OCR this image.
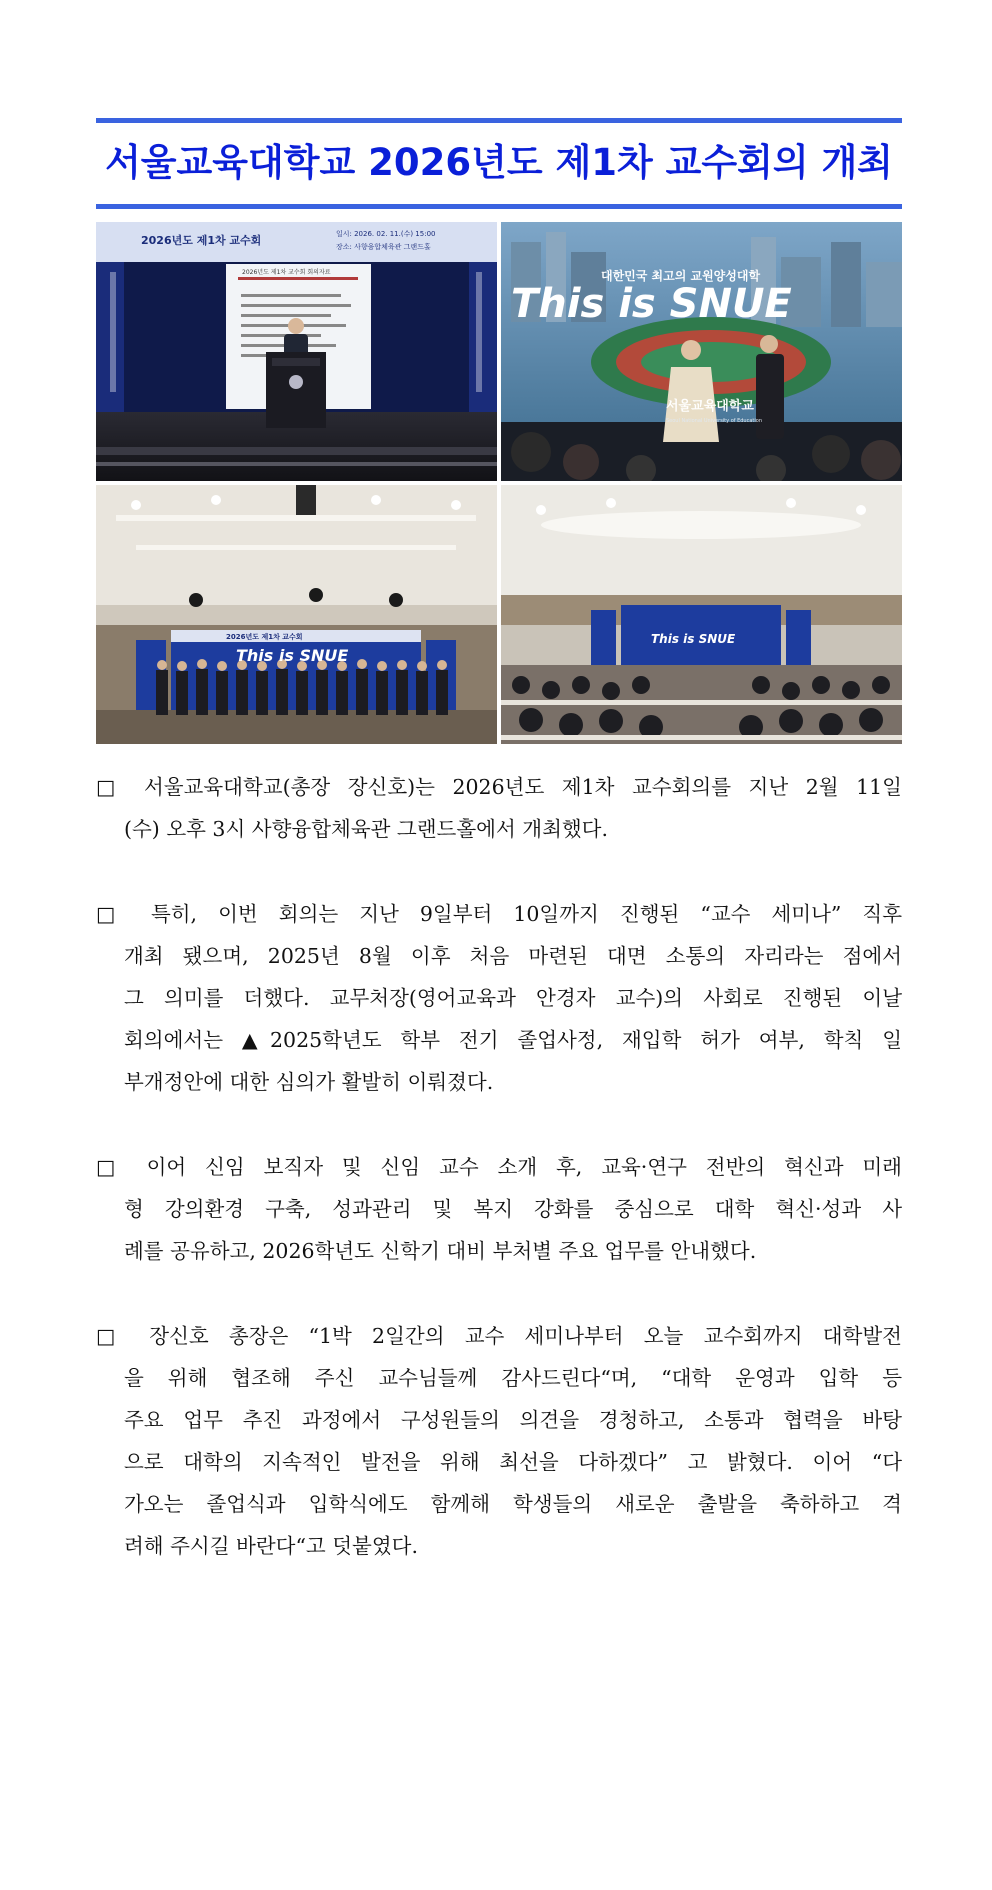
서울교육대학교 2026년도 제1차 교수회의 개최
2026년도 제1차 교수회	일시: 2026. 02. 11.(수) 15:00
장소: 사향융합체육관 그랜드홀
2026년도 제1차 교수회 회의자료
This is SNUE
대한민국 최고의 교원양성대학
서울교육대학교
Seoul National University of Education
2026년도 제1차 교수회
This is SNUE
This is SNUE
□ 서울교육대학교(총장 장신호)는 2026년도 제1차 교수회의를 지난 2월 11일
(수) 오후 3시 사향융합체육관 그랜드홀에서 개최했다.
□ 특히, 이번 회의는 지난 9일부터 10일까지 진행된 “교수 세미나” 직후
개최 됐으며, 2025년 8월 이후 처음 마련된 대면 소통의 자리라는 점에서
그 의미를 더했다. 교무처장(영어교육과 안경자 교수)의 사회로 진행된 이날
회의에서는 ▲2025학년도 학부 전기 졸업사정, 재입학 허가 여부, 학칙 일
부개정안에 대한 심의가 활발히 이뤄졌다.
□ 이어 신임 보직자 및 신임 교수 소개 후, 교육·연구 전반의 혁신과 미래
형 강의환경 구축, 성과관리 및 복지 강화를 중심으로 대학 혁신·성과 사
례를 공유하고, 2026학년도 신학기 대비 부처별 주요 업무를 안내했다.
□ 장신호 총장은 “1박 2일간의 교수 세미나부터 오늘 교수회까지 대학발전
을 위해 협조해 주신 교수님들께 감사드린다“며, “대학 운영과 입학 등
주요 업무 추진 과정에서 구성원들의 의견을 경청하고, 소통과 협력을 바탕
으로 대학의 지속적인 발전을 위해 최선을 다하겠다” 고 밝혔다. 이어 “다
가오는 졸업식과 입학식에도 함께해 학생들의 새로운 출발을 축하하고 격
려해 주시길 바란다“고 덧붙였다.
